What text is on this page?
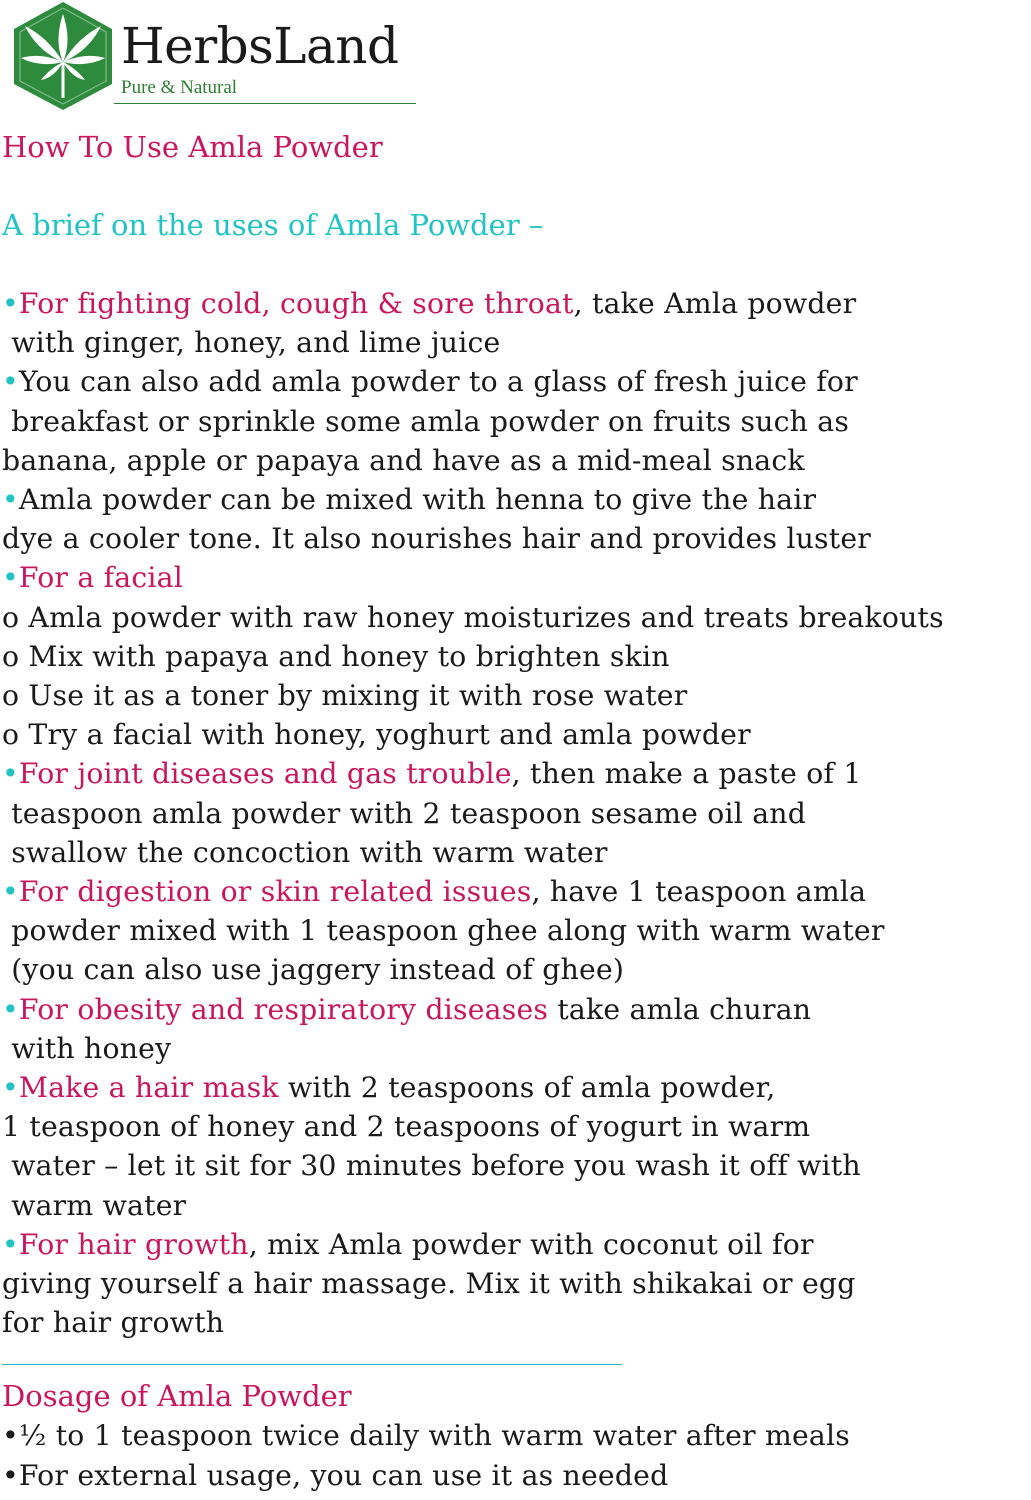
HerbsLand
Pure & Natural
How To Use Amla Powder
A brief on the uses of Amla Powder –
•For fighting cold, cough & sore throat, take Amla powder
with ginger, honey, and lime juice
•You can also add amla powder to a glass of fresh juice for
breakfast or sprinkle some amla powder on fruits such as
banana, apple or papaya and have as a mid-meal snack
•Amla powder can be mixed with henna to give the hair
dye a cooler tone. It also nourishes hair and provides luster
•For a facial
o Amla powder with raw honey moisturizes and treats breakouts
o Mix with papaya and honey to brighten skin
o Use it as a toner by mixing it with rose water
o Try a facial with honey, yoghurt and amla powder
•For joint diseases and gas trouble, then make a paste of 1
teaspoon amla powder with 2 teaspoon sesame oil and
swallow the concoction with warm water
•For digestion or skin related issues, have 1 teaspoon amla
powder mixed with 1 teaspoon ghee along with warm water
(you can also use jaggery instead of ghee)
•For obesity and respiratory diseases take amla churan
with honey
•Make a hair mask with 2 teaspoons of amla powder,
1 teaspoon of honey and 2 teaspoons of yogurt in warm
water – let it sit for 30 minutes before you wash it off with
warm water
•For hair growth, mix Amla powder with coconut oil for
giving yourself a hair massage. Mix it with shikakai or egg
for hair growth
Dosage of Amla Powder
•½ to 1 teaspoon twice daily with warm water after meals
•For external usage, you can use it as needed
